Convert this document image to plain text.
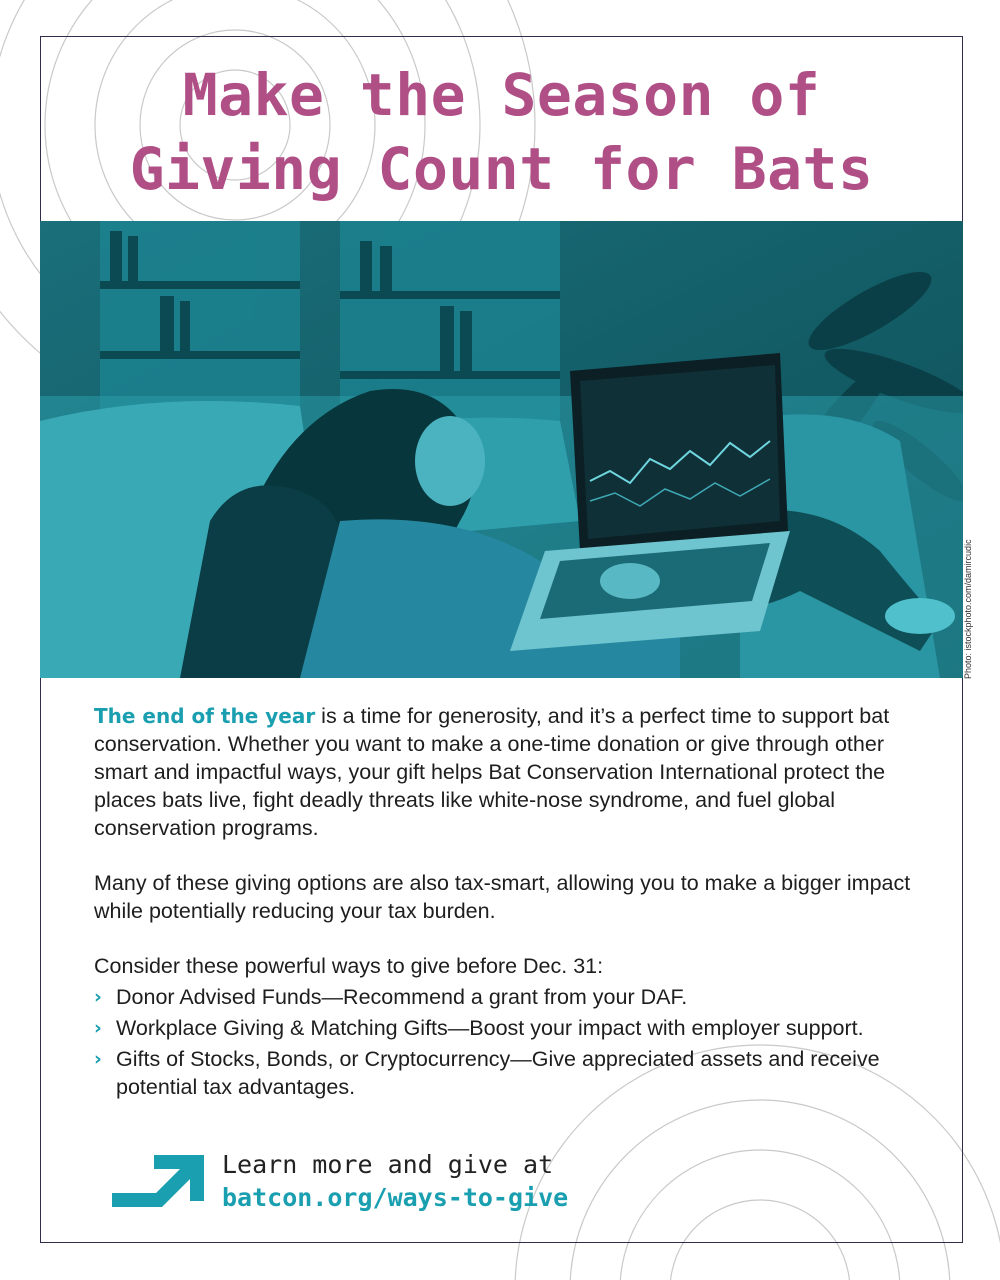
Make the Season of
Giving Count for Bats
Photo: istockphoto.com/damircudic

The end of the year is a time for generosity, and it’s a perfect time to support bat conservation. Whether you want to make a one-time donation or give through other smart and impactful ways, your gift helps Bat Conservation International protect the places bats live, fight deadly threats like white-nose syndrome, and fuel global conservation programs.

Many of these giving options are also tax-smart, allowing you to make a bigger impact while potentially reducing your tax burden.

Consider these powerful ways to give before Dec. 31:

› Donor Advised Funds—Recommend a grant from your DAF.
› Workplace Giving & Matching Gifts—Boost your impact with employer support.
› Gifts of Stocks, Bonds, or Cryptocurrency—Give appreciated assets and receive potential tax advantages.

Learn more and give at

batcon.org/ways-to-give
